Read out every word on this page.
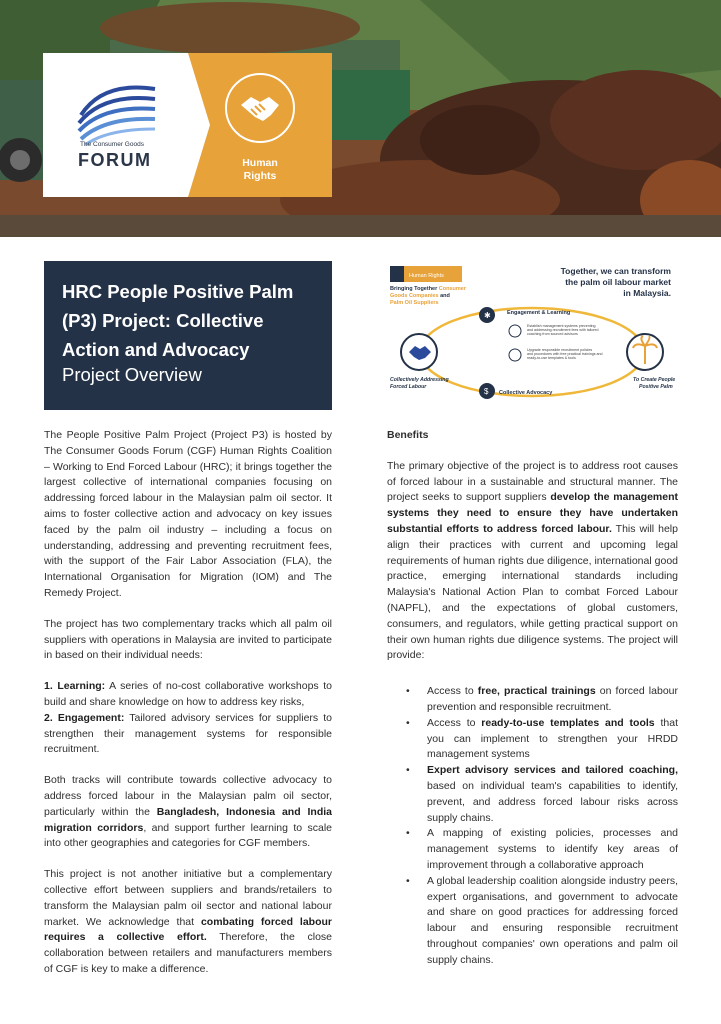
The Consumer Goods
FORUM	Human
Rights
HRC People Positive Palm
(P3) Project: Collective
Action and Advocacy
Project Overview
Human Rights	Together, we can transform
the palm oil labour market
in Malaysia.
Bringing Together Consumer
Goods Companies and
Palm Oil Suppliers
✱	Engagement & Learning
$ Collective Advocacy
Collectively Addressing
Forced Labour
To Create People
Positive Palm
Establish management systems preventing
and addressing recruitment fees with tailored
coaching from sourced advisors
Upgrade responsible recruitment policies
and procedures with free practical trainings and
ready-to-use templates & tools

The People Positive Palm Project (Project P3) is hosted by The Consumer Goods Forum (CGF) Human Rights Coalition – Working to End Forced Labour (HRC); it brings together the largest collective of international companies focusing on addressing forced labour in the Malaysian palm oil sector. It aims to foster collective action and advocacy on key issues faced by the palm oil industry – including a focus on understanding, addressing and preventing recruitment fees, with the support of the Fair Labor Association (FLA), the International Organisation for Migration (IOM) and The Remedy Project.

The project has two complementary tracks which all palm oil suppliers with operations in Malaysia are invited to participate in based on their individual needs:

1. Learning: A series of no-cost collaborative workshops to build and share knowledge on how to address key risks,
2. Engagement: Tailored advisory services for suppliers to strengthen their management systems for responsible recruitment.

Both tracks will contribute towards collective advocacy to address forced labour in the Malaysian palm oil sector, particularly within the Bangladesh, Indonesia and India migration corridors, and support further learning to scale into other geographies and categories for CGF members.

This project is not another initiative but a complementary collective effort between suppliers and brands/retailers to transform the Malaysian palm oil sector and national labour market. We acknowledge that combating forced labour requires a collective effort. Therefore, the close collaboration between retailers and manufacturers members of CGF is key to make a difference.

Benefits

The primary objective of the project is to address root causes of forced labour in a sustainable and structural manner. The project seeks to support suppliers develop the management systems they need to ensure they have undertaken substantial efforts to address forced labour. This will help align their practices with current and upcoming legal requirements of human rights due diligence, international good practice, emerging international standards including Malaysia's National Action Plan to combat Forced Labour (NAPFL), and the expectations of global customers, consumers, and regulators, while getting practical support on their own human rights due diligence systems. The project will provide:

• Access to free, practical trainings on forced labour prevention and responsible recruitment.
• Access to ready-to-use templates and tools that you can implement to strengthen your HRDD management systems
• Expert advisory services and tailored coaching, based on individual team's capabilities to identify, prevent, and address forced labour risks across supply chains.
• A mapping of existing policies, processes and management systems to identify key areas of improvement through a collaborative approach
• A global leadership coalition alongside industry peers, expert organisations, and government to advocate and share on good practices for addressing forced labour and ensuring responsible recruitment throughout companies' own operations and palm oil supply chains.
